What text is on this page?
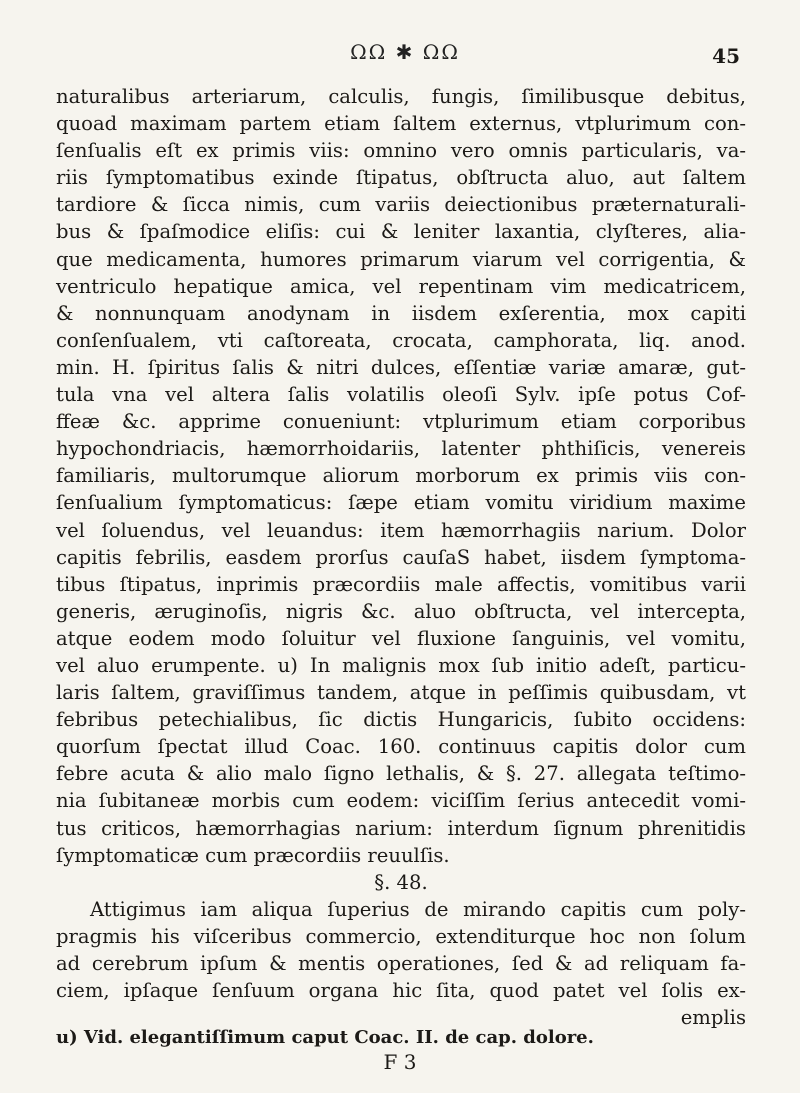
ΩΩ ✱ ΩΩ	45
naturalibus arteriarum, calculis, fungis, ſimilibusque debitus,
quoad maximam partem etiam ſaltem externus, vtplurimum con-
ſenſualis eſt ex primis viis: omnino vero omnis particularis, va-
riis ſymptomatibus exinde ſtipatus, obſtructa aluo, aut ſaltem
tardiore & ſicca nimis, cum variis deiectionibus præternaturali-
bus & ſpaſmodice eliſis: cui & leniter laxantia, clyſteres, alia-
que medicamenta, humores primarum viarum vel corrigentia, &
ventriculo hepatique amica, vel repentinam vim medicatricem,
& nonnunquam anodynam in iisdem exſerentia, mox capiti
conſenſualem, vti caſtoreata, crocata, camphorata, liq. anod.
min. H. ſpiritus ſalis & nitri dulces, eſſentiæ variæ amaræ, gut-
tula vna vel altera ſalis volatilis oleoſi Sylv. ipſe potus Cof-
ffeæ &c. apprime conueniunt: vtplurimum etiam corporibus
hypochondriacis, hæmorrhoidariis, latenter phthiſicis, venereis
familiaris, multorumque aliorum morborum ex primis viis con-
ſenſualium ſymptomaticus: ſæpe etiam vomitu viridium maxime
vel ſoluendus, vel leuandus: item hæmorrhagiis narium. Dolor
capitis febrilis, easdem prorſus cauſaS habet, iisdem ſymptoma-
tibus ſtipatus, inprimis præcordiis male affectis, vomitibus varii
generis, æruginoſis, nigris &c. aluo obſtructa, vel intercepta,
atque eodem modo ſoluitur vel fluxione ſanguinis, vel vomitu,
vel aluo erumpente. u) In malignis mox ſub initio adeſt, particu-
laris ſaltem, graviſſimus tandem, atque in peſſimis quibusdam, vt
febribus petechialibus, ſic dictis Hungaricis, ſubito occidens:
quorſum ſpectat illud Coac. 160. continuus capitis dolor cum
febre acuta & alio malo ſigno lethalis, & §. 27. allegata teſtimo-
nia ſubitaneæ morbis cum eodem: viciſſim ſerius antecedit vomi-
tus criticos, hæmorrhagias narium: interdum ſignum phrenitidis
ſymptomaticæ cum præcordiis reuulſis.
§. 48.
Attigimus iam aliqua ſuperius de mirando capitis cum poly-
pragmis his viſceribus commercio, extenditurque hoc non ſolum
ad cerebrum ipſum & mentis operationes, ſed & ad reliquam fa-
ciem, ipſaque ſenſuum organa hic ſita, quod patet vel ſolis ex-
emplis
u) Vid. elegantiſſimum caput Coac. II. de cap. dolore.
F 3
